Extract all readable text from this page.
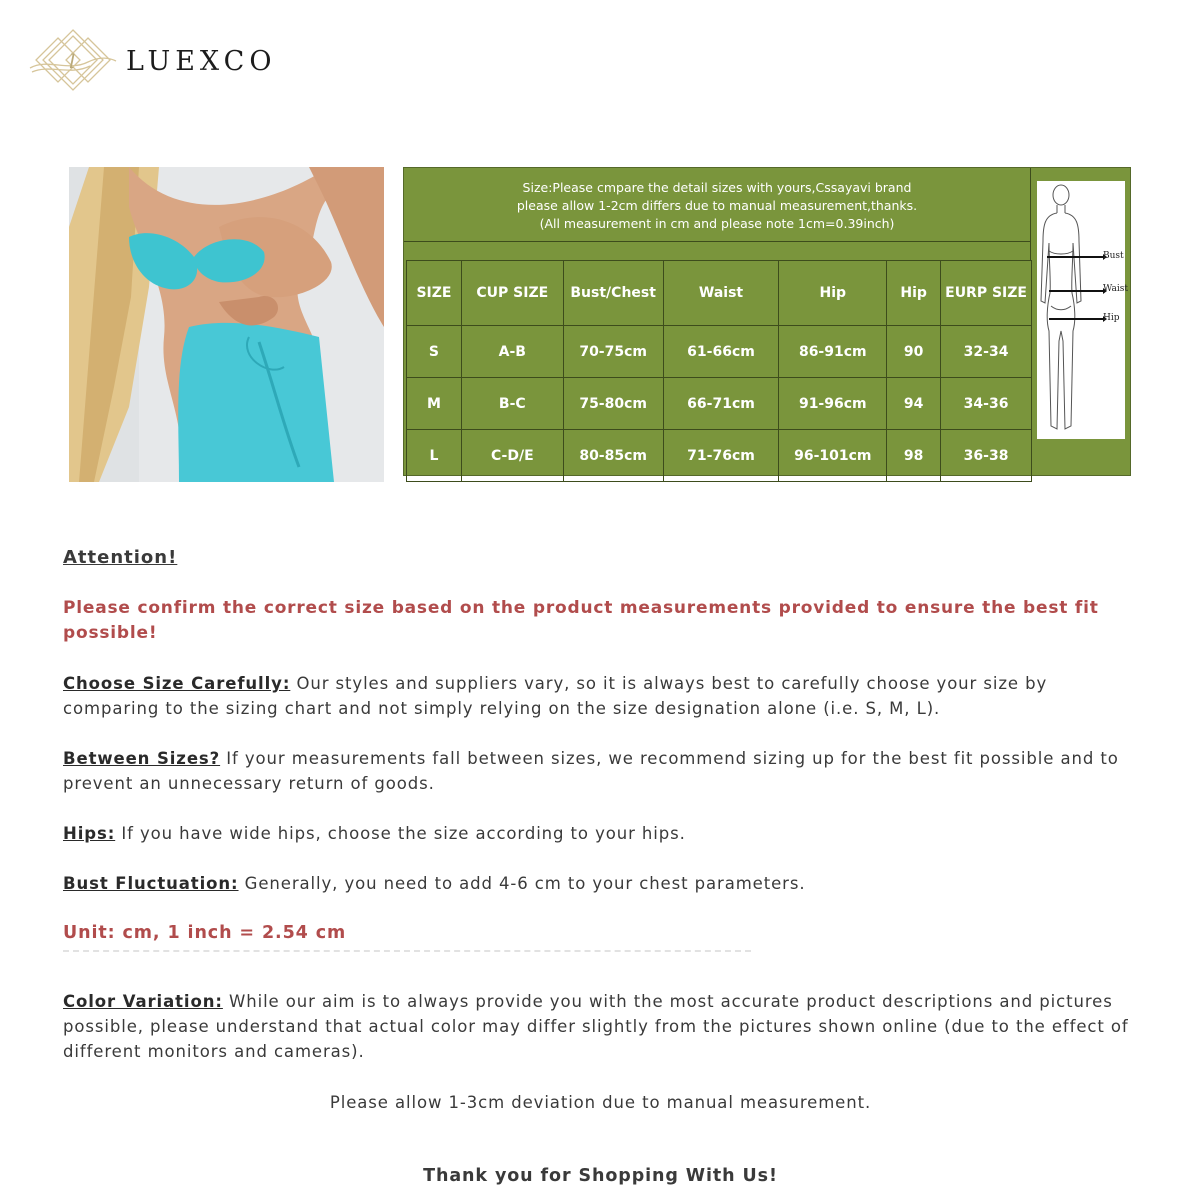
l LUEXCO
Size:Please cmpare the detail sizes with yours,Cssayavi brand
please allow 1-2cm differs due to manual measurement,thanks.
(All measurement in cm and please note 1cm=0.39inch)
SIZE	CUP SIZE	Bust/Chest	Waist	Hip	Hip	EURP SIZE
S	A-B	70-75cm	61-66cm	86-91cm	90	32-34
M	B-C	75-80cm	66-71cm	91-96cm	94	34-36
L	C-D/E	80-85cm	71-76cm	96-101cm	98	36-38
Bust
Waist
Hip

Attention!

Please confirm the correct size based on the product measurements provided to ensure the best fit possible!

Choose Size Carefully: Our styles and suppliers vary, so it is always best to carefully choose your size by comparing to the sizing chart and not simply relying on the size designation alone (i.e. S, M, L).

Between Sizes? If your measurements fall between sizes, we recommend sizing up for the best fit possible and to prevent an unnecessary return of goods.

Hips: If you have wide hips, choose the size according to your hips.

Bust Fluctuation: Generally, you need to add 4-6 cm to your chest parameters.

Unit: cm, 1 inch = 2.54 cm

Color Variation: While our aim is to always provide you with the most accurate product descriptions and pictures possible, please understand that actual color may differ slightly from the pictures shown online (due to the effect of different monitors and cameras).

Please allow 1-3cm deviation due to manual measurement.

Thank you for Shopping With Us!
